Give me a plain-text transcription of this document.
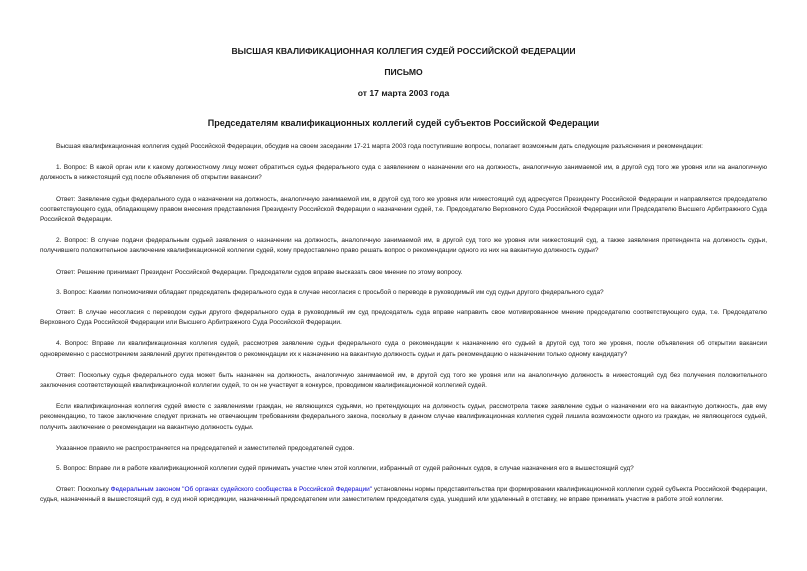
ВЫСШАЯ КВАЛИФИКАЦИОННАЯ КОЛЛЕГИЯ СУДЕЙ РОССИЙСКОЙ ФЕДЕРАЦИИ

ПИСЬМО

от 17 марта 2003 года

Председателям квалификационных коллегий судей субъектов Российской Федерации

Высшая квалификационная коллегия судей Российской Федерации, обсудив на своем заседании 17-21 марта 2003 года поступившие вопросы, полагает возможным дать следующие разъяснения и рекомендации:

1. Вопрос: В какой орган или к какому должностному лицу может обратиться судья федерального суда с заявлением о назначении его на должность, аналогичную занимаемой им, в другой суд того же уровня или на аналогичную должность в нижестоящий суд после объявления об открытии вакансии?

Ответ: Заявление судьи федерального суда о назначении на должность, аналогичную занимаемой им, в другой суд того же уровня или нижестоящий суд адресуется Президенту Российской Федерации и направляется председателю соответствующего суда, обладающему правом внесения представления Президенту Российской Федерации о назначении судей, т.е. Председателю Верховного Суда Российской Федерации или Председателю Высшего Арбитражного Суда Российской Федерации.

2. Вопрос: В случае подачи федеральным судьей заявления о назначении на должность, аналогичную занимаемой им, в другой суд того же уровня или нижестоящий суд, а также заявления претендента на должность судьи, получившего положительное заключение квалификационной коллегии судей, кому предоставлено право решать вопрос о рекомендации одного из них на вакантную должность судьи?

Ответ: Решение принимает Президент Российской Федерации. Председатели судов вправе высказать свое мнение по этому вопросу.

3. Вопрос: Какими полномочиями обладает председатель федерального суда в случае несогласия с просьбой о переводе в руководимый им суд судьи другого федерального суда?

Ответ: В случае несогласия с переводом судьи другого федерального суда в руководимый им суд председатель суда вправе направить свое мотивированное мнение председателю соответствующего суда, т.е. Председателю Верховного Суда Российской Федерации или Высшего Арбитражного Суда Российской Федерации.

4. Вопрос: Вправе ли квалификационная коллегия судей, рассмотрев заявление судьи федерального суда о рекомендации к назначению его судьей в другой суд того же уровня, после объявления об открытии вакансии одновременно с рассмотрением заявлений других претендентов о рекомендации их к назначению на вакантную должность судьи и дать рекомендацию о назначении только одному кандидату?

Ответ: Поскольку судья федерального суда может быть назначен на должность, аналогичную занимаемой им, в другой суд того же уровня или на аналогичную должность в нижестоящий суд без получения положительного заключения соответствующей квалификационной коллегии судей, то он не участвует в конкурсе, проводимом квалификационной коллегией судей.

Если квалификационная коллегия судей вместе с заявлениями граждан, не являющихся судьями, но претендующих на должность судьи, рассмотрела также заявление судьи о назначении его на вакантную должность, дав ему рекомендацию, то такое заключение следует признать не отвечающим требованиям федерального закона, поскольку в данном случае квалификационная коллегия судей лишила возможности одного из граждан, не являющегося судьей, получить заключение о рекомендации на вакантную должность судьи.

Указанное правило не распространяется на председателей и заместителей председателей судов.

5. Вопрос: Вправе ли в работе квалификационной коллегии судей принимать участие член этой коллегии, избранный от судей районных судов, в случае назначения его в вышестоящий суд?

Ответ: Поскольку Федеральным законом "Об органах судейского сообщества в Российской Федерации" установлены нормы представительства при формировании квалификационной коллегии судей субъекта Российской Федерации, судья, назначенный в вышестоящий суд, в суд иной юрисдикции, назначенный председателем или заместителем председателя суда, ушедший или удаленный в отставку, не вправе принимать участие в работе этой коллегии.
